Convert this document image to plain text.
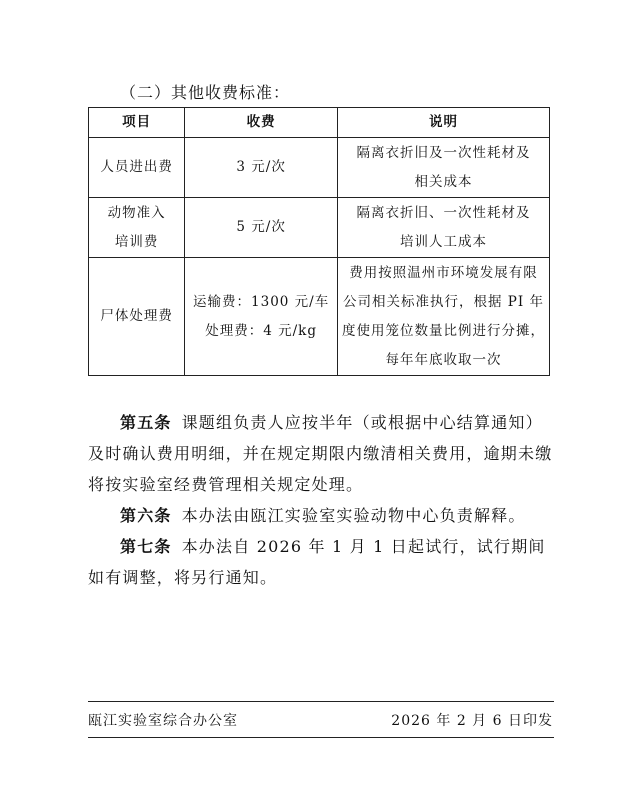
（二）其他收费标准：
项目	收费	说明

人员进出费	3 元/次	隔离衣折旧及一次性耗材及
相关成本

动物准入
培训费	5 元/次	隔离衣折旧、一次性耗材及
培训人工成本

尸体处理费	运输费：1300 元/车
处理费：4 元/kg	费用按照温州市环境发展有限
公司相关标准执行，根据 PI 年
度使用笼位数量比例进行分摊，
每年年底收取一次
第五条 课题组负责人应按半年（或根据中心结算通知）及时确认费用明细，并在规定期限内缴清相关费用，逾期未缴将按实验室经费管理相关规定处理。
第六条 本办法由瓯江实验室实验动物中心负责解释。
第七条 本办法自 2026 年 1 月 1 日起试行，试行期间如有调整，将另行通知。
瓯江实验室综合办公室	2026 年 2 月 6 日印发
